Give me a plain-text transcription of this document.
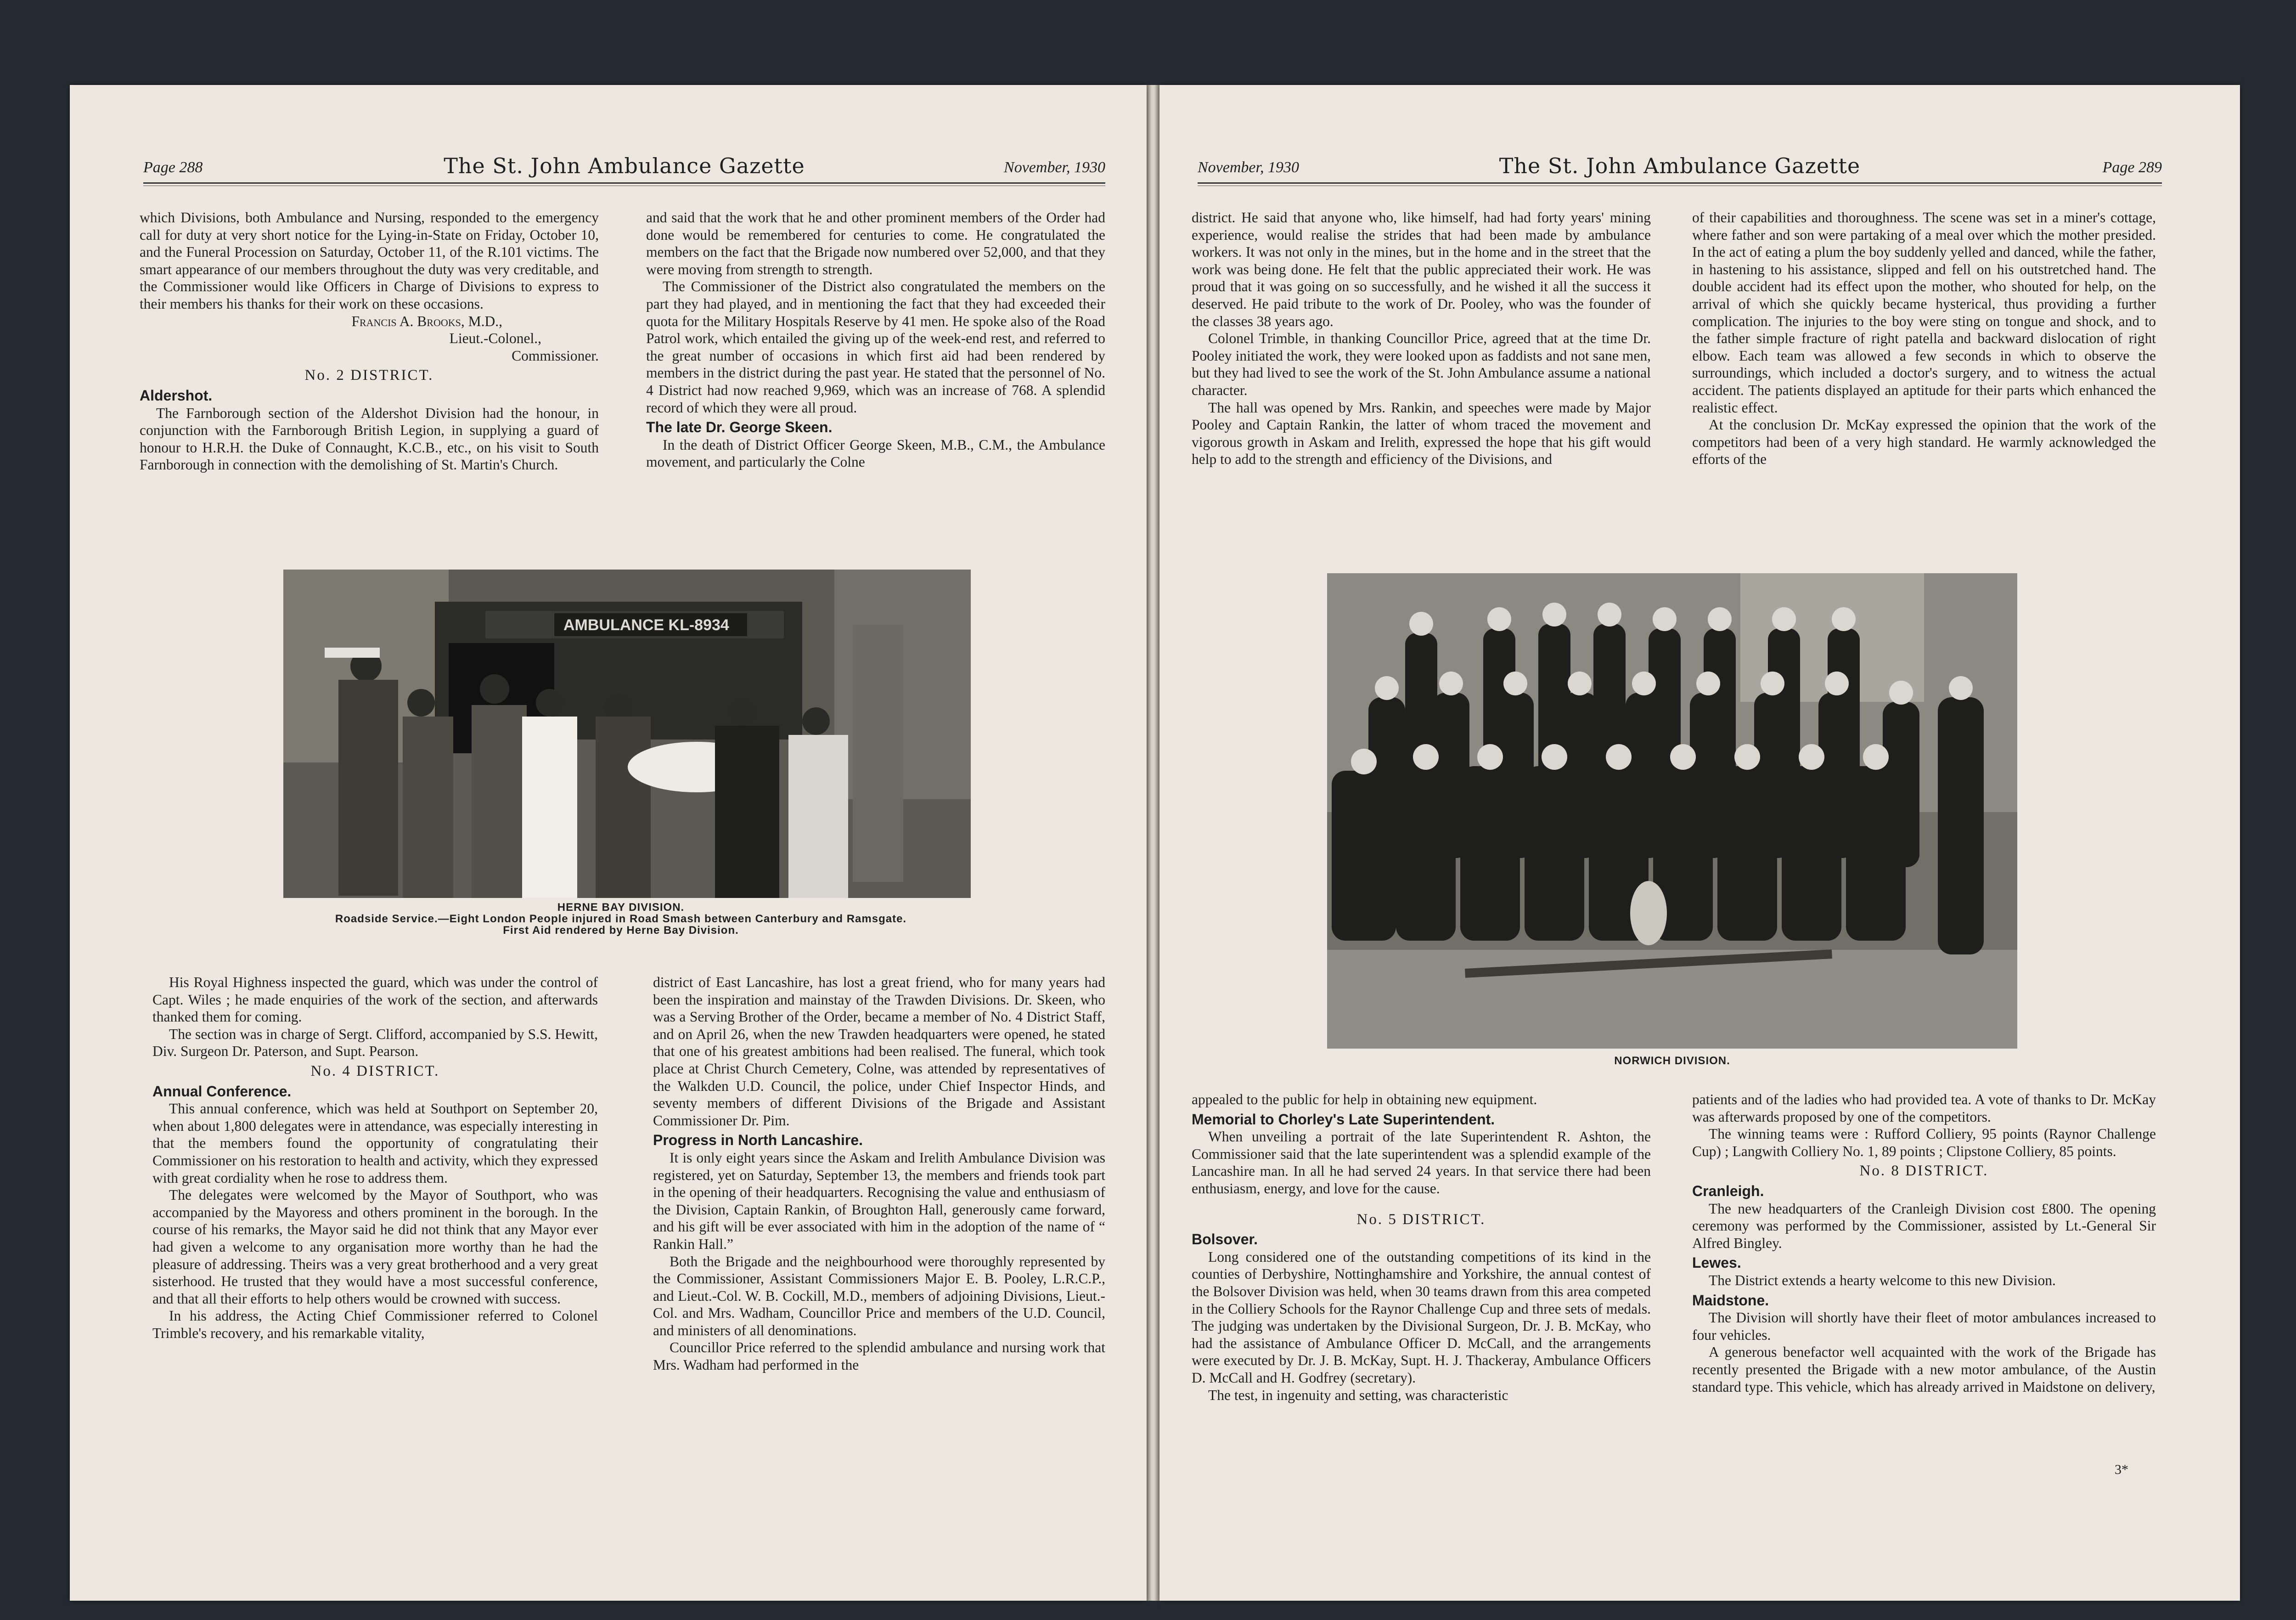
Page 288	The St. John Ambulance Gazette	November, 1930

which Divisions, both Ambulance and Nursing, responded to the emergency call for duty at very short notice for the Lying-in-State on Friday, October 10, and the Funeral Procession on Saturday, October 11, of the R.101 victims. The smart appearance of our members throughout the duty was very creditable, and the Commissioner would like Officers in Charge of Divisions to express to their members his thanks for their work on these occasions.

Francis A. Brooks, M.D.,

Lieut.-Colonel.,

Commissioner.

No. 2 DISTRICT.
Aldershot.

The Farnborough section of the Aldershot Division had the honour, in conjunction with the Farnborough British Legion, in supplying a guard of honour to H.R.H. the Duke of Connaught, K.C.B., etc., on his visit to South Farnborough in connection with the demolishing of St. Martin's Church.

and said that the work that he and other prominent members of the Order had done would be remembered for centuries to come. He congratulated the members on the fact that the Brigade now numbered over 52,000, and that they were moving from strength to strength.

The Commissioner of the District also congratulated the members on the part they had played, and in mentioning the fact that they had exceeded their quota for the Military Hospitals Reserve by 41 men. He spoke also of the Road Patrol work, which entailed the giving up of the week-end rest, and referred to the great number of occasions in which first aid had been rendered by members in the district during the past year. He stated that the personnel of No. 4 District had now reached 9,969, which was an increase of 768. A splendid record of which they were all proud.

The late Dr. George Skeen.

In the death of District Officer George Skeen, M.B., C.M., the Ambulance movement, and particularly the Colne

AMBULANCE KL-8934
HERNE BAY DIVISION.
Roadside Service.—Eight London People injured in Road Smash between Canterbury and Ramsgate.
First Aid rendered by Herne Bay Division.

His Royal Highness inspected the guard, which was under the control of Capt. Wiles ; he made enquiries of the work of the section, and afterwards thanked them for coming.

The section was in charge of Sergt. Clifford, accompanied by S.S. Hewitt, Div. Surgeon Dr. Paterson, and Supt. Pearson.

No. 4 DISTRICT.
Annual Conference.

This annual conference, which was held at Southport on September 20, when about 1,800 delegates were in attendance, was especially interesting in that the members found the opportunity of congratulating their Commissioner on his restoration to health and activity, which they expressed with great cordiality when he rose to address them.

The delegates were welcomed by the Mayor of Southport, who was accompanied by the Mayoress and others prominent in the borough. In the course of his remarks, the Mayor said he did not think that any Mayor ever had given a welcome to any organisation more worthy than he had the pleasure of addressing. Theirs was a very great brotherhood and a very great sisterhood. He trusted that they would have a most successful conference, and that all their efforts to help others would be crowned with success.

In his address, the Acting Chief Commissioner referred to Colonel Trimble's recovery, and his remarkable vitality,

district of East Lancashire, has lost a great friend, who for many years had been the inspiration and mainstay of the Trawden Divisions. Dr. Skeen, who was a Serving Brother of the Order, became a member of No. 4 District Staff, and on April 26, when the new Trawden headquarters were opened, he stated that one of his greatest ambitions had been realised. The funeral, which took place at Christ Church Cemetery, Colne, was attended by representatives of the Walkden U.D. Council, the police, under Chief Inspector Hinds, and seventy members of different Divisions of the Brigade and Assistant Commissioner Dr. Pim.

Progress in North Lancashire.

It is only eight years since the Askam and Irelith Ambulance Division was registered, yet on Saturday, September 13, the members and friends took part in the opening of their headquarters. Recognising the value and enthusiasm of the Division, Captain Rankin, of Broughton Hall, generously came forward, and his gift will be ever associated with him in the adoption of the name of “ Rankin Hall.”

Both the Brigade and the neighbourhood were thoroughly represented by the Commissioner, Assistant Commissioners Major E. B. Pooley, L.R.C.P., and Lieut.-Col. W. B. Cockill, M.D., members of adjoining Divisions, Lieut.-Col. and Mrs. Wadham, Councillor Price and members of the U.D. Council, and ministers of all denominations.

Councillor Price referred to the splendid ambulance and nursing work that Mrs. Wadham had performed in the

November, 1930	The St. John Ambulance Gazette	Page 289

district. He said that anyone who, like himself, had had forty years' mining experience, would realise the strides that had been made by ambulance workers. It was not only in the mines, but in the home and in the street that the work was being done. He felt that the public appreciated their work. He was proud that it was going on so successfully, and he wished it all the success it deserved. He paid tribute to the work of Dr. Pooley, who was the founder of the classes 38 years ago.

Colonel Trimble, in thanking Councillor Price, agreed that at the time Dr. Pooley initiated the work, they were looked upon as faddists and not sane men, but they had lived to see the work of the St. John Ambulance assume a national character.

The hall was opened by Mrs. Rankin, and speeches were made by Major Pooley and Captain Rankin, the latter of whom traced the movement and vigorous growth in Askam and Irelith, expressed the hope that his gift would help to add to the strength and efficiency of the Divisions, and

of their capabilities and thoroughness. The scene was set in a miner's cottage, where father and son were partaking of a meal over which the mother presided. In the act of eating a plum the boy suddenly yelled and danced, while the father, in hastening to his assistance, slipped and fell on his outstretched hand. The double accident had its effect upon the mother, who shouted for help, on the arrival of which she quickly became hysterical, thus providing a further complication. The injuries to the boy were sting on tongue and shock, and to the father simple fracture of right patella and backward dislocation of right elbow. Each team was allowed a few seconds in which to observe the surroundings, which included a doctor's surgery, and to witness the actual accident. The patients displayed an aptitude for their parts which enhanced the realistic effect.

At the conclusion Dr. McKay expressed the opinion that the work of the competitors had been of a very high standard. He warmly acknowledged the efforts of the

NORWICH DIVISION.

appealed to the public for help in obtaining new equipment.

Memorial to Chorley's Late Superintendent.

When unveiling a portrait of the late Superintendent R. Ashton, the Commissioner said that the late superintendent was a splendid example of the Lancashire man. In all he had served 24 years. In that service there had been enthusiasm, energy, and love for the cause.

No. 5 DISTRICT.
Bolsover.

Long considered one of the outstanding competitions of its kind in the counties of Derbyshire, Nottinghamshire and Yorkshire, the annual contest of the Bolsover Division was held, when 30 teams drawn from this area competed in the Colliery Schools for the Raynor Challenge Cup and three sets of medals. The judging was undertaken by the Divisional Surgeon, Dr. J. B. McKay, who had the assistance of Ambulance Officer D. McCall, and the arrangements were executed by Dr. J. B. McKay, Supt. H. J. Thackeray, Ambulance Officers D. McCall and H. Godfrey (secretary).

The test, in ingenuity and setting, was characteristic

patients and of the ladies who had provided tea. A vote of thanks to Dr. McKay was afterwards proposed by one of the competitors.

The winning teams were : Rufford Colliery, 95 points (Raynor Challenge Cup) ; Langwith Colliery No. 1, 89 points ; Clipstone Colliery, 85 points.

No. 8 DISTRICT.
Cranleigh.

The new headquarters of the Cranleigh Division cost £800. The opening ceremony was performed by the Commissioner, assisted by Lt.-General Sir Alfred Bingley.

Lewes.

The District extends a hearty welcome to this new Division.

Maidstone.

The Division will shortly have their fleet of motor ambulances increased to four vehicles.

A generous benefactor well acquainted with the work of the Brigade has recently presented the Brigade with a new motor ambulance, of the Austin standard type. This vehicle, which has already arrived in Maidstone on delivery,

3*
